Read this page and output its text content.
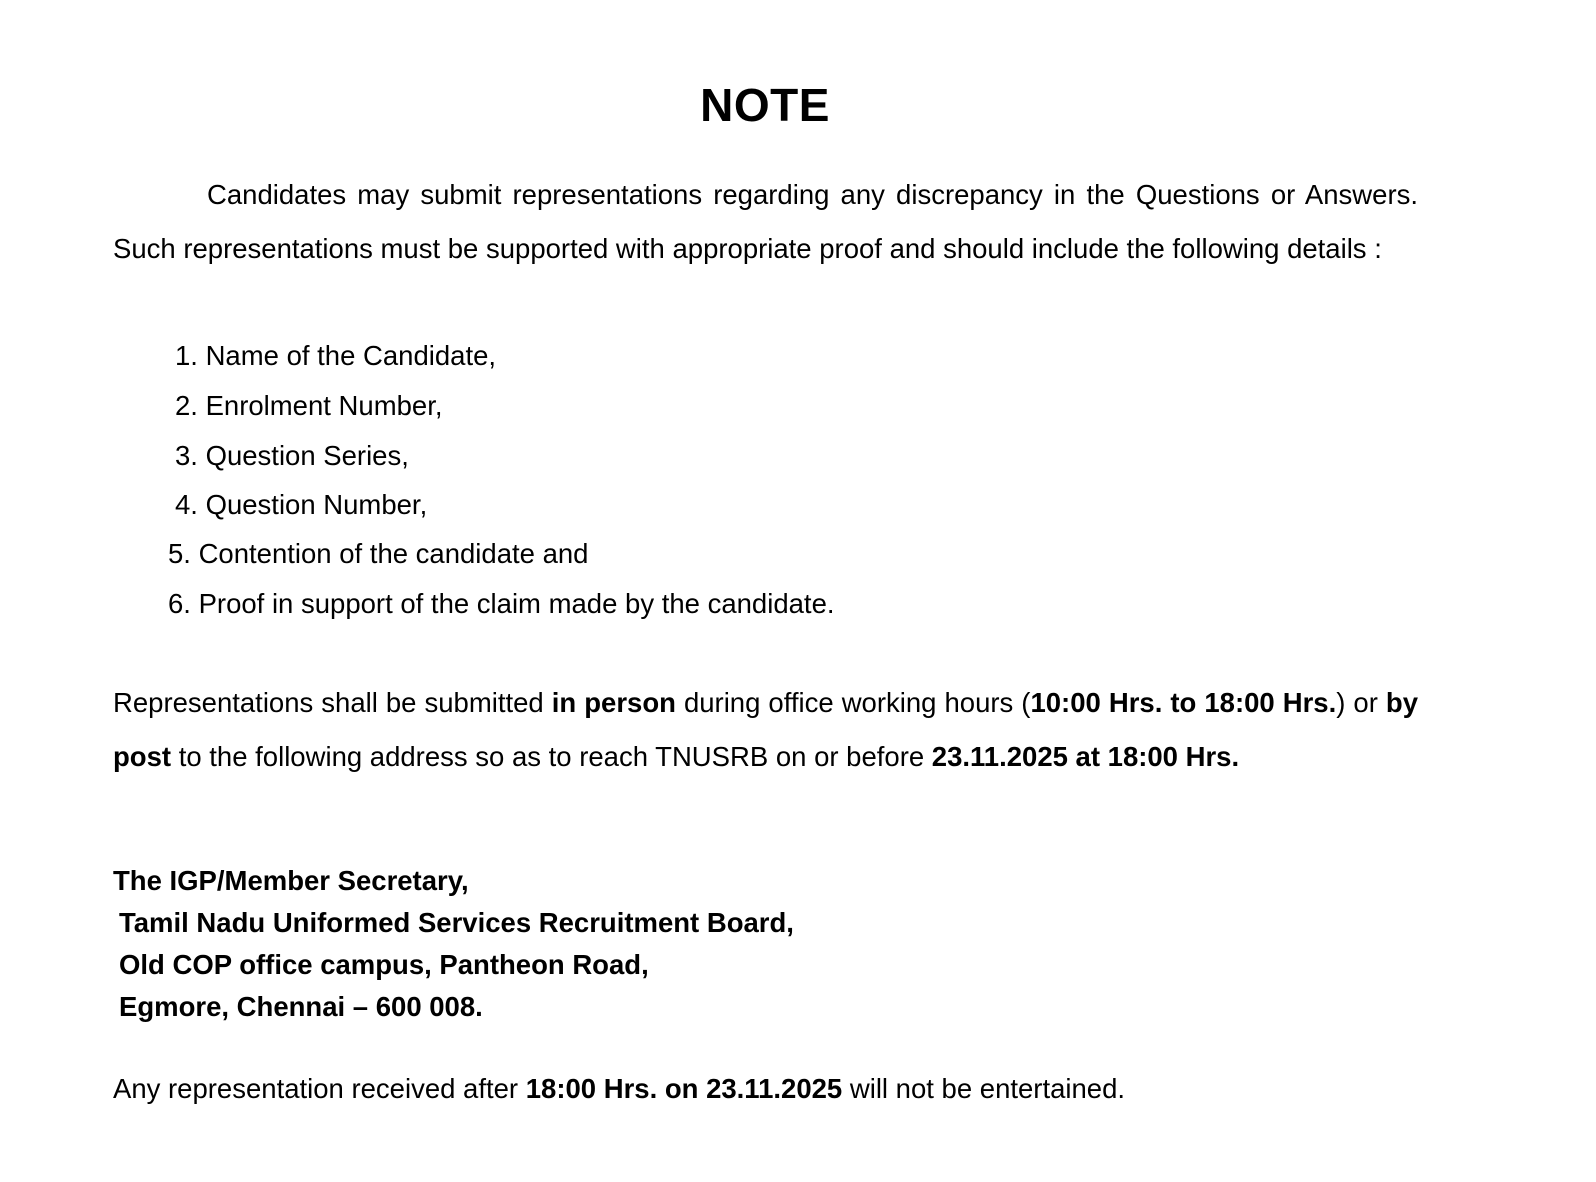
NOTE

Candidates may submit representations regarding any discrepancy in the Questions or Answers. Such representations must be supported with appropriate proof and should include the following details :

1. Name of the Candidate,
2. Enrolment Number,
3. Question Series,
4. Question Number,
5. Contention of the candidate and
6. Proof in support of the claim made by the candidate.

Representations shall be submitted in person during office working hours (10:00 Hrs. to 18:00 Hrs.) or by post to the following address so as to reach TNUSRB on or before 23.11.2025 at 18:00 Hrs.

The IGP/Member Secretary,
Tamil Nadu Uniformed Services Recruitment Board,
Old COP office campus, Pantheon Road,
Egmore, Chennai – 600 008.

Any representation received after 18:00 Hrs. on 23.11.2025 will not be entertained.
